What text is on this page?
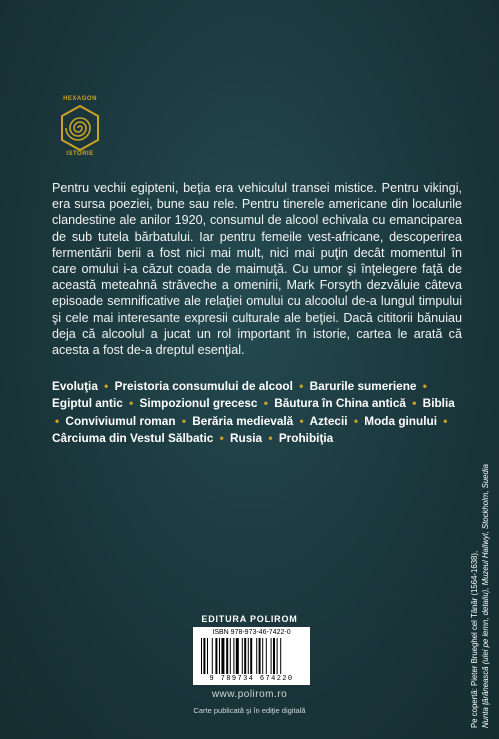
HEXAGON
ISTORIE

Pentru vechii egipteni, beţia era vehiculul transei mistice. Pentru vikingi, era sursa poeziei, bune sau rele. Pentru tinerele americane din localurile clandestine ale anilor 1920, consumul de alcool echivala cu emanciparea de sub tutela bărbatului. Iar pentru femeile vest-africane, descoperirea fermentării berii a fost nici mai mult, nici mai puţin decât momentul în care omului i-a căzut coada de maimuţă. Cu umor şi înţelegere faţă de această meteahnă străveche a omenirii, Mark Forsyth dezvăluie câteva episoade semnificative ale relaţiei omului cu alcoolul de-a lungul timpului şi cele mai interesante expresii culturale ale beţiei. Dacă cititorii bănuiau deja că alcoolul a jucat un rol important în istorie, cartea le arată că acesta a fost de-a dreptul esenţial.

Evoluţia • Preistoria consumului de alcool • Barurile sumeriene • Egiptul antic • Simpozionul grecesc • Băutura în China antică • Biblia • Conviviumul roman • Berăria medievală • Aztecii • Moda ginului • Cârciuma din Vestul Sălbatic • Rusia • Prohibiţia
EDITURA POLIROM
ISBN 978-973-46-7422-0
9 789734 674220
www.polirom.ro
Carte publicată şi în ediţie digitală	Pe copertă: Pieter Brueghel cel Tânăr (1564-1638), Nunta ţărănească (ulei pe lemn, detaliu), Muzeul Hallwyl, Stockholm, Suedia
